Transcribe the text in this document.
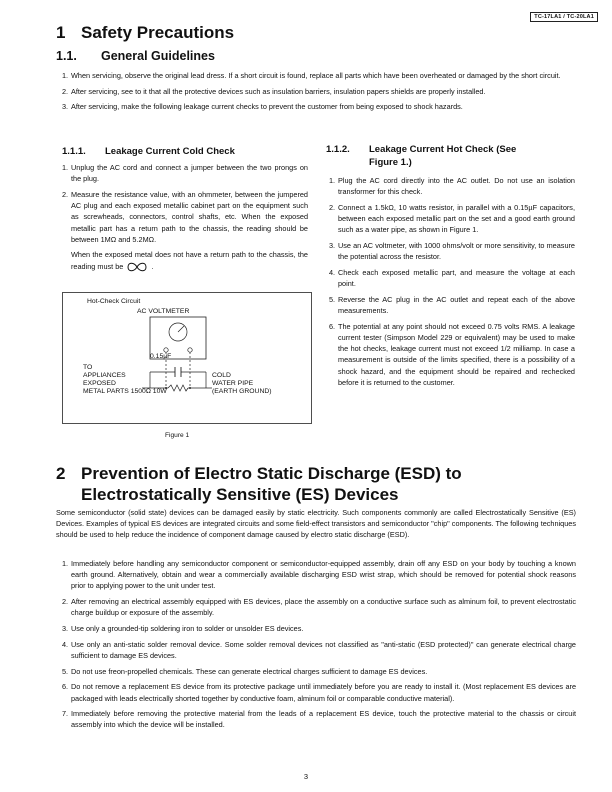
TC-17LA1 / TC-20LA1
1 Safety Precautions
1.1. General Guidelines
1. When servicing, observe the original lead dress. If a short circuit is found, replace all parts which have been overheated or damaged by the short circuit.
2. After servicing, see to it that all the protective devices such as insulation barriers, insulation papers shields are properly installed.
3. After servicing, make the following leakage current checks to prevent the customer from being exposed to shock hazards.
1.1.1. Leakage Current Cold Check
1. Unplug the AC cord and connect a jumper between the two prongs on the plug.
2. Measure the resistance value, with an ohmmeter, between the jumpered AC plug and each exposed metallic cabinet part on the equipment such as screwheads, connectors, control shafts, etc. When the exposed metallic part has a return path to the chassis, the reading should be between 1MΩ and 5.2MΩ.
When the exposed metal does not have a return path to the chassis, the reading must be	.
Hot-Check Circuit
AC VOLTMETER
0.15µF
TO
APPLIANCES
EXPOSED
METAL PARTS 1500Ω 10W
COLD
WATER PIPE
(EARTH GROUND)
Figure 1
1.1.2. Leakage Current Hot Check (See
Figure 1.)
1. Plug the AC cord directly into the AC outlet. Do not use an isolation transformer for this check.
2. Connect a 1.5kΩ, 10 watts resistor, in parallel with a 0.15µF capacitors, between each exposed metallic part on the set and a good earth ground such as a water pipe, as shown in Figure 1.
3. Use an AC voltmeter, with 1000 ohms/volt or more sensitivity, to measure the potential across the resistor.
4. Check each exposed metallic part, and measure the voltage at each point.
5. Reverse the AC plug in the AC outlet and repeat each of the above measurements.
6. The potential at any point should not exceed 0.75 volts RMS. A leakage current tester (Simpson Model 229 or equivalent) may be used to make the hot checks, leakage current must not exceed 1/2 milliamp. In case a measurement is outside of the limits specified, there is a possibility of a shock hazard, and the equipment should be repaired and rechecked before it is returned to the customer.
2 Prevention of Electro Static Discharge (ESD) to
Electrostatically Sensitive (ES) Devices
Some semiconductor (solid state) devices can be damaged easily by static electricity. Such components commonly are called Electrostatically Sensitive (ES) Devices. Examples of typical ES devices are integrated circuits and some field-effect transistors and semiconductor "chip" components. The following techniques should be used to help reduce the incidence of component damage caused by electro static discharge (ESD).
1. Immediately before handling any semiconductor component or semiconductor-equipped assembly, drain off any ESD on your body by touching a known earth ground. Alternatively, obtain and wear a commercially available discharging ESD wrist strap, which should be removed for potential shock reasons prior to applying power to the unit under test.
2. After removing an electrical assembly equipped with ES devices, place the assembly on a conductive surface such as alminum foil, to prevent electrostatic charge buildup or exposure of the assembly.
3. Use only a grounded-tip soldering iron to solder or unsolder ES devices.
4. Use only an anti-static solder removal device. Some solder removal devices not classified as "anti-static (ESD protected)" can generate electrical charge sufficient to damage ES devices.
5. Do not use freon-propelled chemicals. These can generate electrical charges sufficient to damage ES devices.
6. Do not remove a replacement ES device from its protective package until immediately before you are ready to install it. (Most replacement ES devices are packaged with leads electrically shorted together by conductive foam, alminum foil or comparable conductive material).
7. Immediately before removing the protective material from the leads of a replacement ES device, touch the protective material to the chassis or circuit assembly into which the device will be installed.
3
